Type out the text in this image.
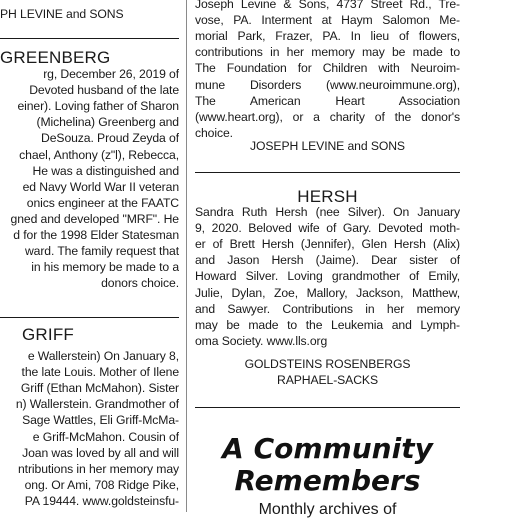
PH LEVINE and SONS
GREENBERG
rg, December 26, 2019 of
Devoted husband of the late
einer). Loving father of Sharon
(Michelina) Greenberg and
DeSouza. Proud Zeyda of
chael, Anthony (z"l), Rebecca,
He was a distinguished and
ed Navy World War II veteran
onics engineer at the FAATC
gned and developed "MRF". He
d for the 1998 Elder Statesman
ward. The family request that
in his memory be made to a
donors choice.
GRIFF
e Wallerstein) On January 8,
the late Louis. Mother of Ilene
Griff (Ethan McMahon). Sister
n) Wallerstein. Grandmother of
Sage Wattles, Eli Griff-McMa-
e Griff-McMahon. Cousin of
Joan was loved by all and will
ntributions in her memory may
ong. Or Ami, 708 Ridge Pike,
PA 19444. www.goldsteinsfu-
Joseph Levine & Sons, 4737 Street Rd., Tre-
vose, PA. Interment at Haym Salomon Me-
morial Park, Frazer, PA. In lieu of flowers,
contributions in her memory may be made to
The Foundation for Children with Neuroim-
mune Disorders (www.neuroimmune.org),
The American Heart Association
(www.heart.org), or a charity of the donor's
choice.
JOSEPH LEVINE and SONS
HERSH
Sandra Ruth Hersh (nee Silver). On January
9, 2020. Beloved wife of Gary. Devoted moth-
er of Brett Hersh (Jennifer), Glen Hersh (Alix)
and Jason Hersh (Jaime). Dear sister of
Howard Silver. Loving grandmother of Emily,
Julie, Dylan, Zoe, Mallory, Jackson, Matthew,
and Sawyer. Contributions in her memory
may be made to the Leukemia and Lymph-
oma Society. www.lls.org
GOLDSTEINS ROSENBERGS
RAPHAEL-SACKS
A Community
Remembers
Monthly archives of
